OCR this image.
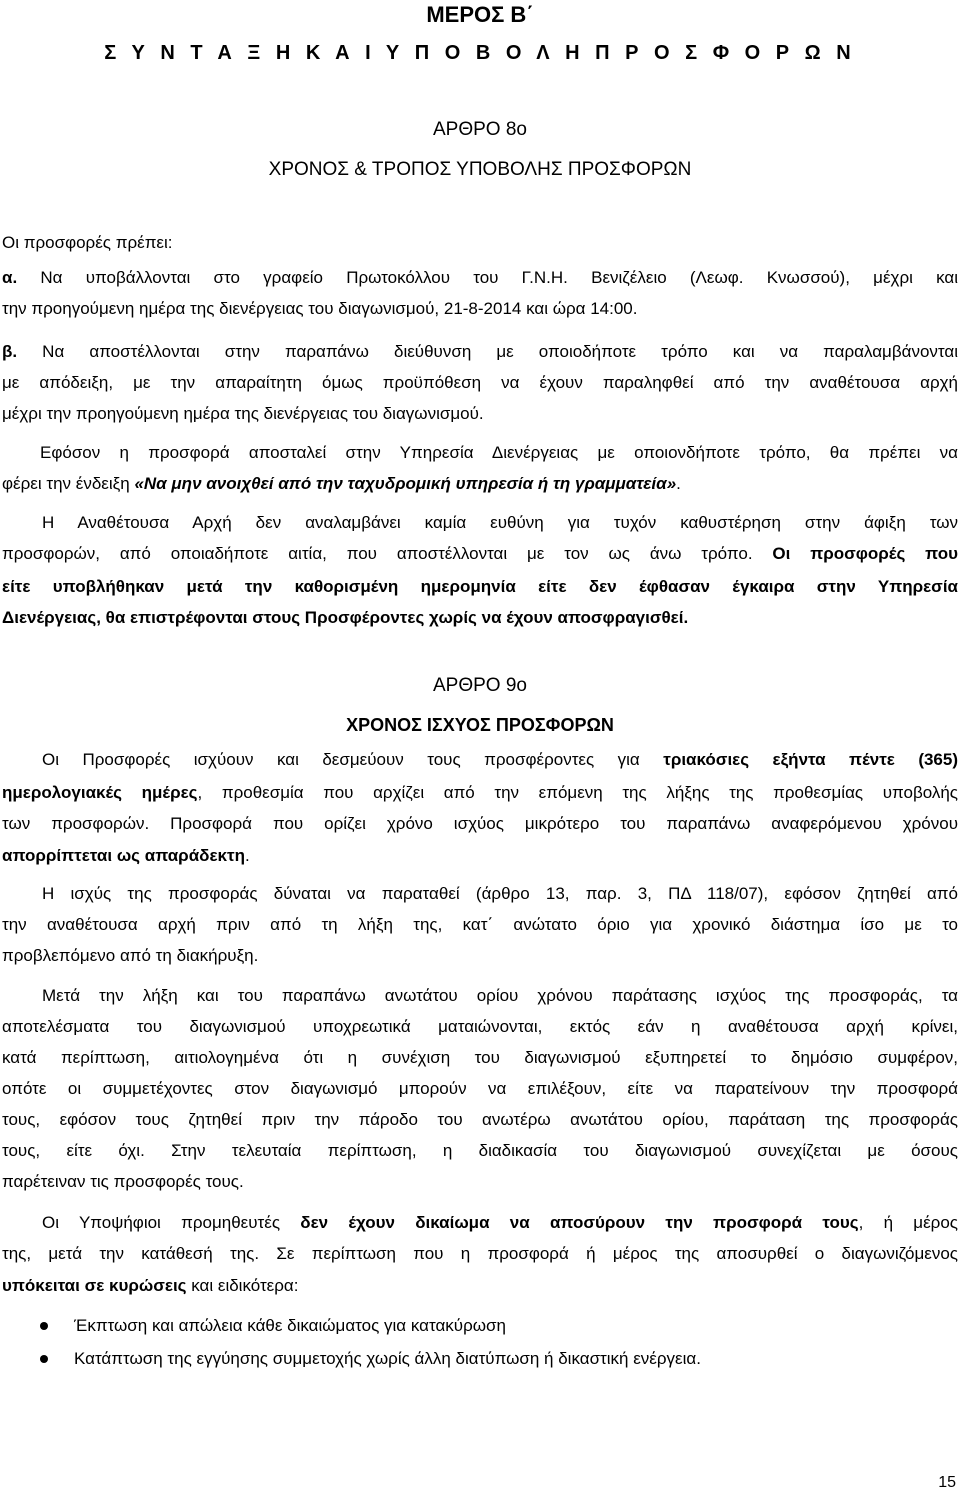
ΜΕΡΟΣ Β΄
Σ Υ Ν Τ Α Ξ Η Κ Α Ι Υ Π Ο Β Ο Λ Η Π Ρ Ο Σ Φ Ο Ρ Ω Ν
ΑΡΘΡΟ 8ο
ΧΡΟΝΟΣ & ΤΡΟΠΟΣ ΥΠΟΒΟΛΗΣ ΠΡΟΣΦΟΡΩΝ
Οι προσφορές πρέπει:
α. Να υποβάλλονται στο γραφείο Πρωτοκόλλου του Γ.Ν.Η. Βενιζέλειο (Λεωφ. Κνωσσού), μέχρι και
την προηγούμενη ημέρα της διενέργειας του διαγωνισμού, 21-8-2014 και ώρα 14:00.
β. Να αποστέλλονται στην παραπάνω διεύθυνση με οποιοδήποτε τρόπο και να παραλαμβάνονται
με απόδειξη, με την απαραίτητη όμως προϋπόθεση να έχουν παραληφθεί από την αναθέτουσα αρχή
μέχρι την προηγούμενη ημέρα της διενέργειας του διαγωνισμού.
Εφόσον η προσφορά αποσταλεί στην Υπηρεσία Διενέργειας με οποιονδήποτε τρόπο, θα πρέπει να
φέρει την ένδειξη «Να μην ανοιχθεί από την ταχυδρομική υπηρεσία ή τη γραμματεία».
Η Αναθέτουσα Αρχή δεν αναλαμβάνει καμία ευθύνη για τυχόν καθυστέρηση στην άφιξη των
προσφορών, από οποιαδήποτε αιτία, που αποστέλλονται με τον ως άνω τρόπο. Οι προσφορές που
είτε υποβλήθηκαν μετά την καθορισμένη ημερομηνία είτε δεν έφθασαν έγκαιρα στην Υπηρεσία
Διενέργειας, θα επιστρέφονται στους Προσφέροντες χωρίς να έχουν αποσφραγισθεί.
ΑΡΘΡΟ 9ο
ΧΡΟΝΟΣ ΙΣΧΥΟΣ ΠΡΟΣΦΟΡΩΝ
Οι Προσφορές ισχύουν και δεσμεύουν τους προσφέροντες για τριακόσιες εξήντα πέντε (365)
ημερολογιακές ημέρες, προθεσμία που αρχίζει από την επόμενη της λήξης της προθεσμίας υποβολής
των προσφορών. Προσφορά που ορίζει χρόνο ισχύος μικρότερο του παραπάνω αναφερόμενου χρόνου
απορρίπτεται ως απαράδεκτη.
Η ισχύς της προσφοράς δύναται να παραταθεί (άρθρο 13, παρ. 3, ΠΔ 118/07), εφόσον ζητηθεί από
την αναθέτουσα αρχή πριν από τη λήξη της, κατ΄ ανώτατο όριο για χρονικό διάστημα ίσο με το
προβλεπόμενο από τη διακήρυξη.
Μετά την λήξη και του παραπάνω ανωτάτου ορίου χρόνου παράτασης ισχύος της προσφοράς, τα
αποτελέσματα του διαγωνισμού υποχρεωτικά ματαιώνονται, εκτός εάν η αναθέτουσα αρχή κρίνει,
κατά περίπτωση, αιτιολογημένα ότι η συνέχιση του διαγωνισμού εξυπηρετεί το δημόσιο συμφέρον,
οπότε οι συμμετέχοντες στον διαγωνισμό μπορούν να επιλέξουν, είτε να παρατείνουν την προσφορά
τους, εφόσον τους ζητηθεί πριν την πάροδο του ανωτέρω ανωτάτου ορίου, παράταση της προσφοράς
τους, είτε όχι. Στην τελευταία περίπτωση, η διαδικασία του διαγωνισμού συνεχίζεται με όσους
παρέτειναν τις προσφορές τους.
Οι Υποψήφιοι προμηθευτές δεν έχουν δικαίωμα να αποσύρουν την προσφορά τους, ή μέρος
της, μετά την κατάθεσή της. Σε περίπτωση που η προσφορά ή μέρος της αποσυρθεί ο διαγωνιζόμενος
υπόκειται σε κυρώσεις και ειδικότερα:
Έκπτωση και απώλεια κάθε δικαιώματος για κατακύρωση
Κατάπτωση της εγγύησης συμμετοχής χωρίς άλλη διατύπωση ή δικαστική ενέργεια.
15
